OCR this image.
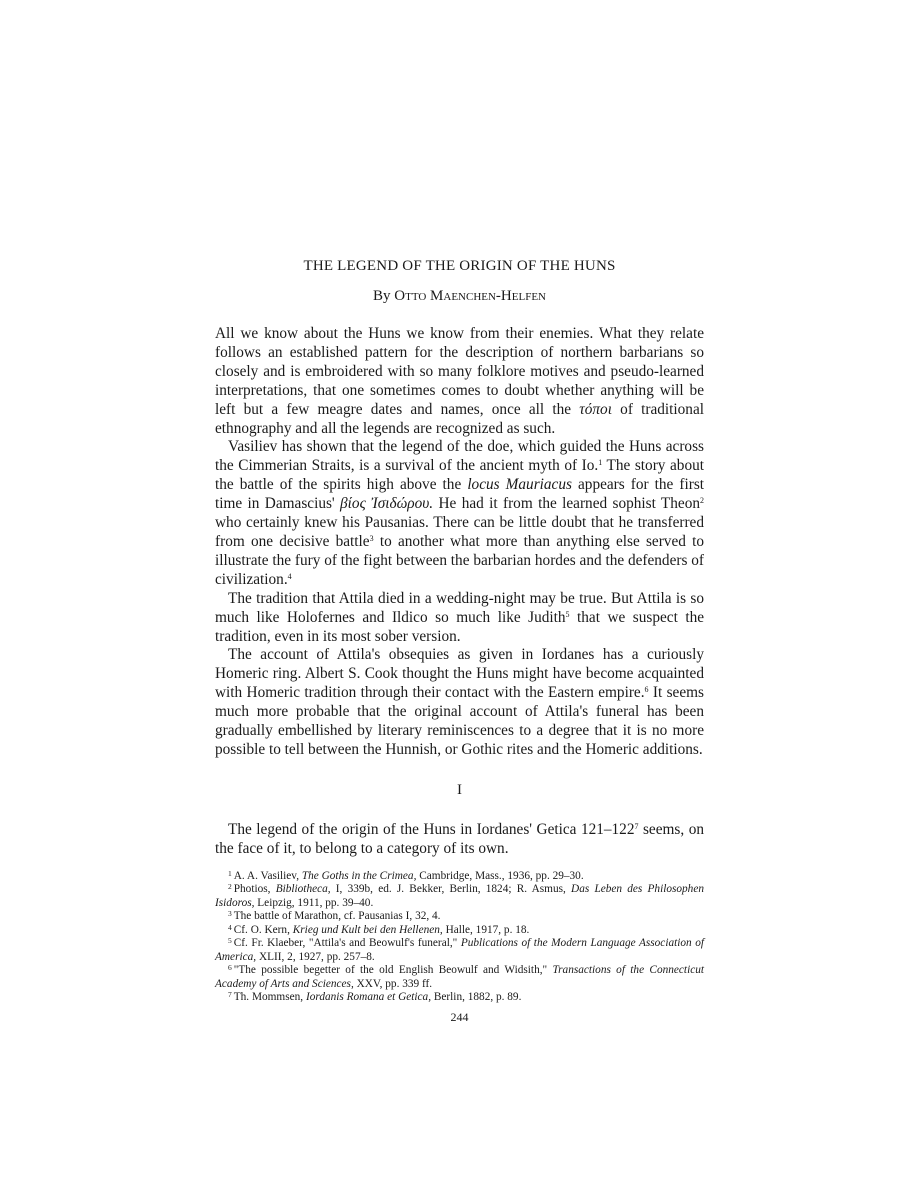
THE LEGEND OF THE ORIGIN OF THE HUNS
By Otto Maenchen-Helfen

All we know about the Huns we know from their enemies. What they relate follows an established pattern for the description of northern barbarians so closely and is embroidered with so many folklore motives and pseudo-learned interpretations, that one sometimes comes to doubt whether anything will be left but a few meagre dates and names, once all the τόποι of traditional ethnography and all the legends are recognized as such.

Vasiliev has shown that the legend of the doe, which guided the Huns across the Cimmerian Straits, is a survival of the ancient myth of Io.$^1$ The story about the battle of the spirits high above the locus Mauriacus appears for the first time in Damascius' βίος Ἰσιδώρου. He had it from the learned sophist Theon$^2$ who certainly knew his Pausanias. There can be little doubt that he transferred from one decisive battle$^3$ to another what more than anything else served to illustrate the fury of the fight between the barbarian hordes and the defenders of civilization.$^4$

The tradition that Attila died in a wedding-night may be true. But Attila is so much like Holofernes and Ildico so much like Judith$^5$ that we suspect the tradition, even in its most sober version.

The account of Attila's obsequies as given in Iordanes has a curiously Homeric ring. Albert S. Cook thought the Huns might have become acquainted with Homeric tradition through their contact with the Eastern empire.$^6$ It seems much more probable that the original account of Attila's funeral has been gradually embellished by literary reminiscences to a degree that it is no more possible to tell between the Hunnish, or Gothic rites and the Homeric additions.

I

The legend of the origin of the Huns in Iordanes' Getica $121-122^7$ seems, on the face of it, to belong to a category of its own.

$^1$ A. A. Vasiliev, The Goths in the Crimea, Cambridge, Mass., 1936, pp. 29–30.

$^2$ Photios, Bibliotheca, I, 339b, ed. J. Bekker, Berlin, 1824; R. Asmus, Das Leben des Philosophen Isidoros, Leipzig, 1911, pp. 39–40.

$^3$ The battle of Marathon, cf. Pausanias I, 32, 4.

$^4$ Cf. O. Kern, Krieg und Kult bei den Hellenen, Halle, 1917, p. 18.

$^5$ Cf. Fr. Klaeber, "Attila's and Beowulf's funeral," Publications of the Modern Language Association of America, XLII, 2, 1927, pp. 257–8.

$^6$ "The possible begetter of the old English Beowulf and Widsith," Transactions of the Connecticut Academy of Arts and Sciences, XXV, pp. 339 ff.

$^7$ Th. Mommsen, Iordanis Romana et Getica, Berlin, 1882, p. 89.

244
